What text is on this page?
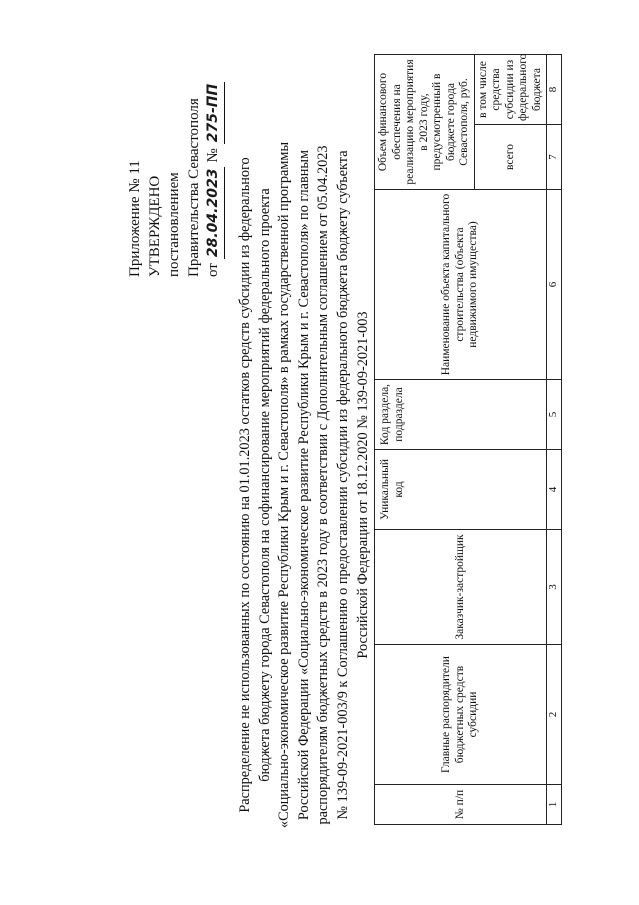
Приложение № 11 УТВЕРЖДЕНО постановлением Правительства Севастополя от
28.04.2023
№
275-ПП
Распределение не использованных по состоянию на 01.01.2023 остатков средств субсидии из федерального бюджета бюджету города Севастополя на софинансирование мероприятий федерального проекта «Социально-экономическое развитие Республики Крым и г. Севастополя» в рамках государственной программы Российской Федерации «Социально-экономическое развитие Республики Крым и г. Севастополя» по главным распорядителям бюджетных средств в 2023 году в соответствии с Дополнительным соглашением от 05.04.2023 № 139-09-2021-003/9 к Соглашению о предоставлении субсидии из федерального бюджета бюджету субъекта Российской Федерации от 18.12.2020 № 139-09-2021-003
№ п/п	Главные распорядители бюджетных средств субсидии	Заказчик-застройщик	Уникальный код	Код раздела, подраздела	Наименование объекта капитального строительства (объекта недвижимого имущества)	Объем финансового обеспечения на реализацию мероприятия в 2023 году, предусмотренный в бюджете города Севастополя, руб.	
						всего	в том числе средства субсидии из федерального бюджета
1	2	3	4	5	6	7	8
